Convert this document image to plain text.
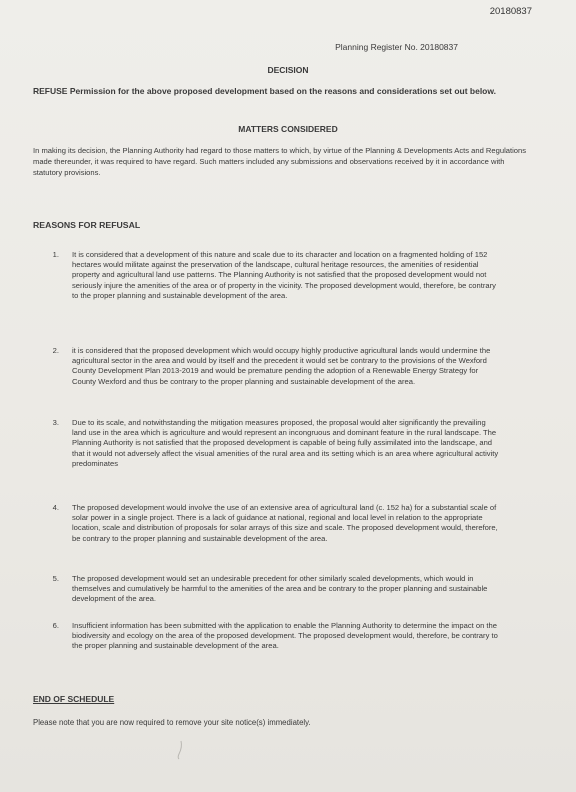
20180837
Planning Register No. 20180837
DECISION
REFUSE Permission for the above proposed development based on the reasons and considerations set out below.
MATTERS CONSIDERED
In making its decision, the Planning Authority had regard to those matters to which, by virtue of the Planning & Developments Acts and Regulations made thereunder, it was required to have regard. Such matters included any submissions and observations received by it in accordance with statutory provisions.
REASONS FOR REFUSAL
1.	It is considered that a development of this nature and scale due to its character and location on a fragmented holding of 152 hectares would militate against the preservation of the landscape, cultural heritage resources, the amenities of residential property and agricultural land use patterns. The Planning Authority is not satisfied that the proposed development would not seriously injure the amenities of the area or of property in the vicinity. The proposed development would, therefore, be contrary to the proper planning and sustainable development of the area.
2.	it is considered that the proposed development which would occupy highly productive agricultural lands would undermine the agricultural sector in the area and would by itself and the precedent it would set be contrary to the provisions of the Wexford County Development Plan 2013-2019 and would be premature pending the adoption of a Renewable Energy Strategy for County Wexford and thus be contrary to the proper planning and sustainable development of the area.
3.	Due to its scale, and notwithstanding the mitigation measures proposed, the proposal would alter significantly the prevailing land use in the area which is agriculture and would represent an incongruous and dominant feature in the rural landscape. The Planning Authority is not satisfied that the proposed development is capable of being fully assimilated into the landscape, and that it would not adversely affect the visual amenities of the rural area and its setting which is an area where agricultural activity predominates
4.	The proposed development would involve the use of an extensive area of agricultural land (c. 152 ha) for a substantial scale of solar power in a single project. There is a lack of guidance at national, regional and local level in relation to the appropriate location, scale and distribution of proposals for solar arrays of this size and scale. The proposed development would, therefore, be contrary to the proper planning and sustainable development of the area.
5.	The proposed development would set an undesirable precedent for other similarly scaled developments, which would in themselves and cumulatively be harmful to the amenities of the area and be contrary to the proper planning and sustainable development of the area.
6.	Insufficient information has been submitted with the application to enable the Planning Authority to determine the impact on the biodiversity and ecology on the area of the proposed development. The proposed development would, therefore, be contrary to the proper planning and sustainable development of the area.
END OF SCHEDULE
Please note that you are now required to remove your site notice(s) immediately.
